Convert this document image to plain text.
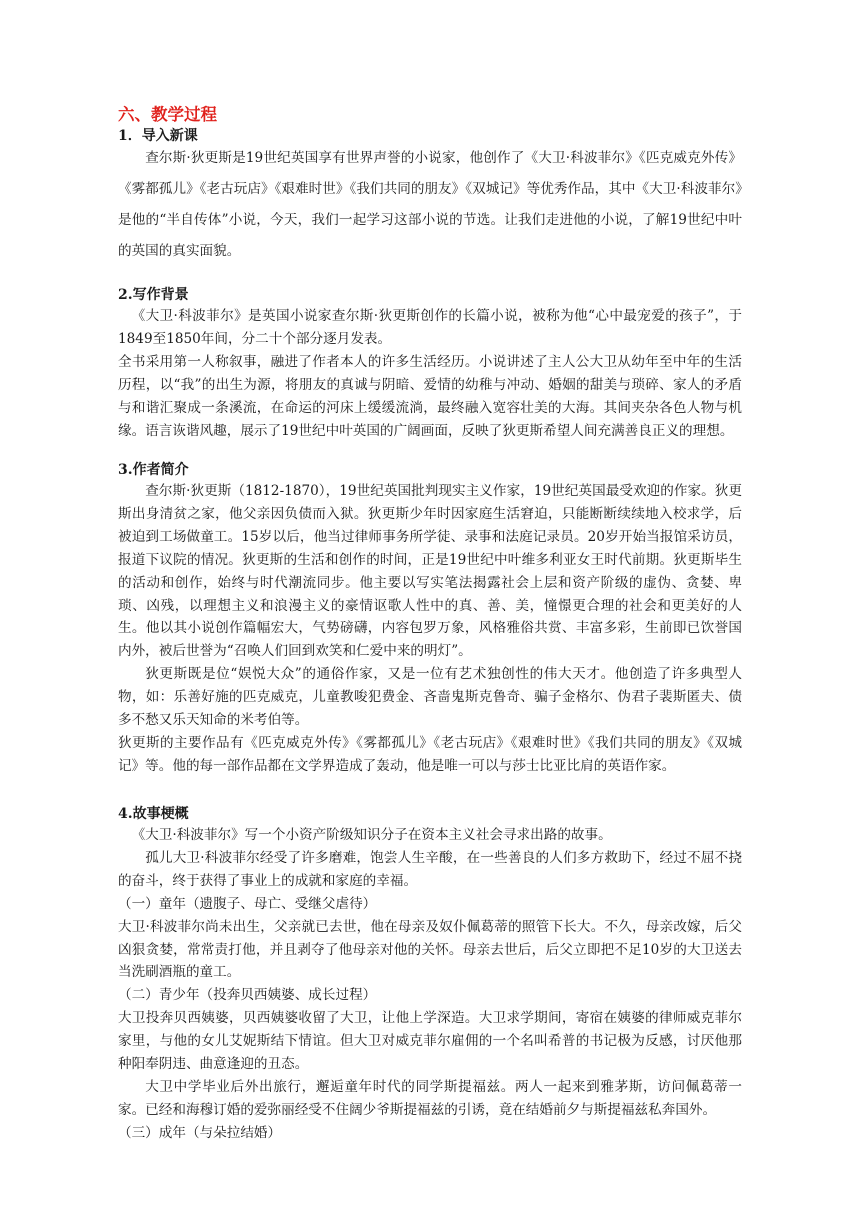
六、教学过程
1．导入新课

查尔斯·狄更斯是19世纪英国享有世界声誉的小说家，他创作了《大卫·科波菲尔》《匹克威克外传》《雾都孤儿》《老古玩店》《艰难时世》《我们共同的朋友》《双城记》等优秀作品，其中《大卫·科波菲尔》是他的“半自传体”小说，今天，我们一起学习这部小说的节选。让我们走进他的小说，了解19世纪中叶的英国的真实面貌。

2.写作背景

《大卫·科波菲尔》是英国小说家查尔斯·狄更斯创作的长篇小说，被称为他“心中最宠爱的孩子”，于1849至1850年间，分二十个部分逐月发表。

全书采用第一人称叙事，融进了作者本人的许多生活经历。小说讲述了主人公大卫从幼年至中年的生活历程，以“我”的出生为源，将朋友的真诚与阴暗、爱情的幼稚与冲动、婚姻的甜美与琐碎、家人的矛盾与和谐汇聚成一条溪流，在命运的河床上缓缓流淌，最终融入宽容壮美的大海。其间夹杂各色人物与机缘。语言诙谐风趣，展示了19世纪中叶英国的广阔画面，反映了狄更斯希望人间充满善良正义的理想。

3.作者简介

查尔斯·狄更斯（1812-1870），19世纪英国批判现实主义作家，19世纪英国最受欢迎的作家。狄更斯出身清贫之家，他父亲因负债而入狱。狄更斯少年时因家庭生活窘迫，只能断断续续地入校求学，后被迫到工场做童工。15岁以后，他当过律师事务所学徒、录事和法庭记录员。20岁开始当报馆采访员，报道下议院的情况。狄更斯的生活和创作的时间，正是19世纪中叶维多利亚女王时代前期。狄更斯毕生的活动和创作，始终与时代潮流同步。他主要以写实笔法揭露社会上层和资产阶级的虚伪、贪婪、卑琐、凶残，以理想主义和浪漫主义的豪情讴歌人性中的真、善、美，憧憬更合理的社会和更美好的人生。他以其小说创作篇幅宏大，气势磅礴，内容包罗万象，风格雅俗共赏、丰富多彩，生前即已饮誉国内外，被后世誉为“召唤人们回到欢笑和仁爱中来的明灯”。

狄更斯既是位“娱悦大众”的通俗作家，又是一位有艺术独创性的伟大天才。他创造了许多典型人物，如：乐善好施的匹克威克，儿童教唆犯费金、吝啬鬼斯克鲁奇、骗子金格尔、伪君子裴斯匿夫、债多不愁又乐天知命的米考伯等。

狄更斯的主要作品有《匹克威克外传》《雾都孤儿》《老古玩店》《艰难时世》《我们共同的朋友》《双城记》等。他的每一部作品都在文学界造成了轰动，他是唯一可以与莎士比亚比肩的英语作家。

4.故事梗概

《大卫·科波菲尔》写一个小资产阶级知识分子在资本主义社会寻求出路的故事。

孤儿大卫·科波菲尔经受了许多磨难，饱尝人生辛酸，在一些善良的人们多方救助下，经过不屈不挠的奋斗，终于获得了事业上的成就和家庭的幸福。

（一）童年（遗腹子、母亡、受继父虐待）

大卫·科波菲尔尚未出生，父亲就已去世，他在母亲及奴仆佩葛蒂的照管下长大。不久，母亲改嫁，后父凶狠贪婪，常常责打他，并且剥夺了他母亲对他的关怀。母亲去世后，后父立即把不足10岁的大卫送去当洗刷酒瓶的童工。

（二）青少年（投奔贝西姨婆、成长过程）

大卫投奔贝西姨婆，贝西姨婆收留了大卫，让他上学深造。大卫求学期间，寄宿在姨婆的律师威克菲尔家里，与他的女儿艾妮斯结下情谊。但大卫对威克菲尔雇佣的一个名叫希普的书记极为反感，讨厌他那种阳奉阴违、曲意逢迎的丑态。

大卫中学毕业后外出旅行，邂逅童年时代的同学斯提福兹。两人一起来到雅茅斯，访问佩葛蒂一家。已经和海穆订婚的爱弥丽经受不住阔少爷斯提福兹的引诱，竟在结婚前夕与斯提福兹私奔国外。

（三）成年（与朵拉结婚）
